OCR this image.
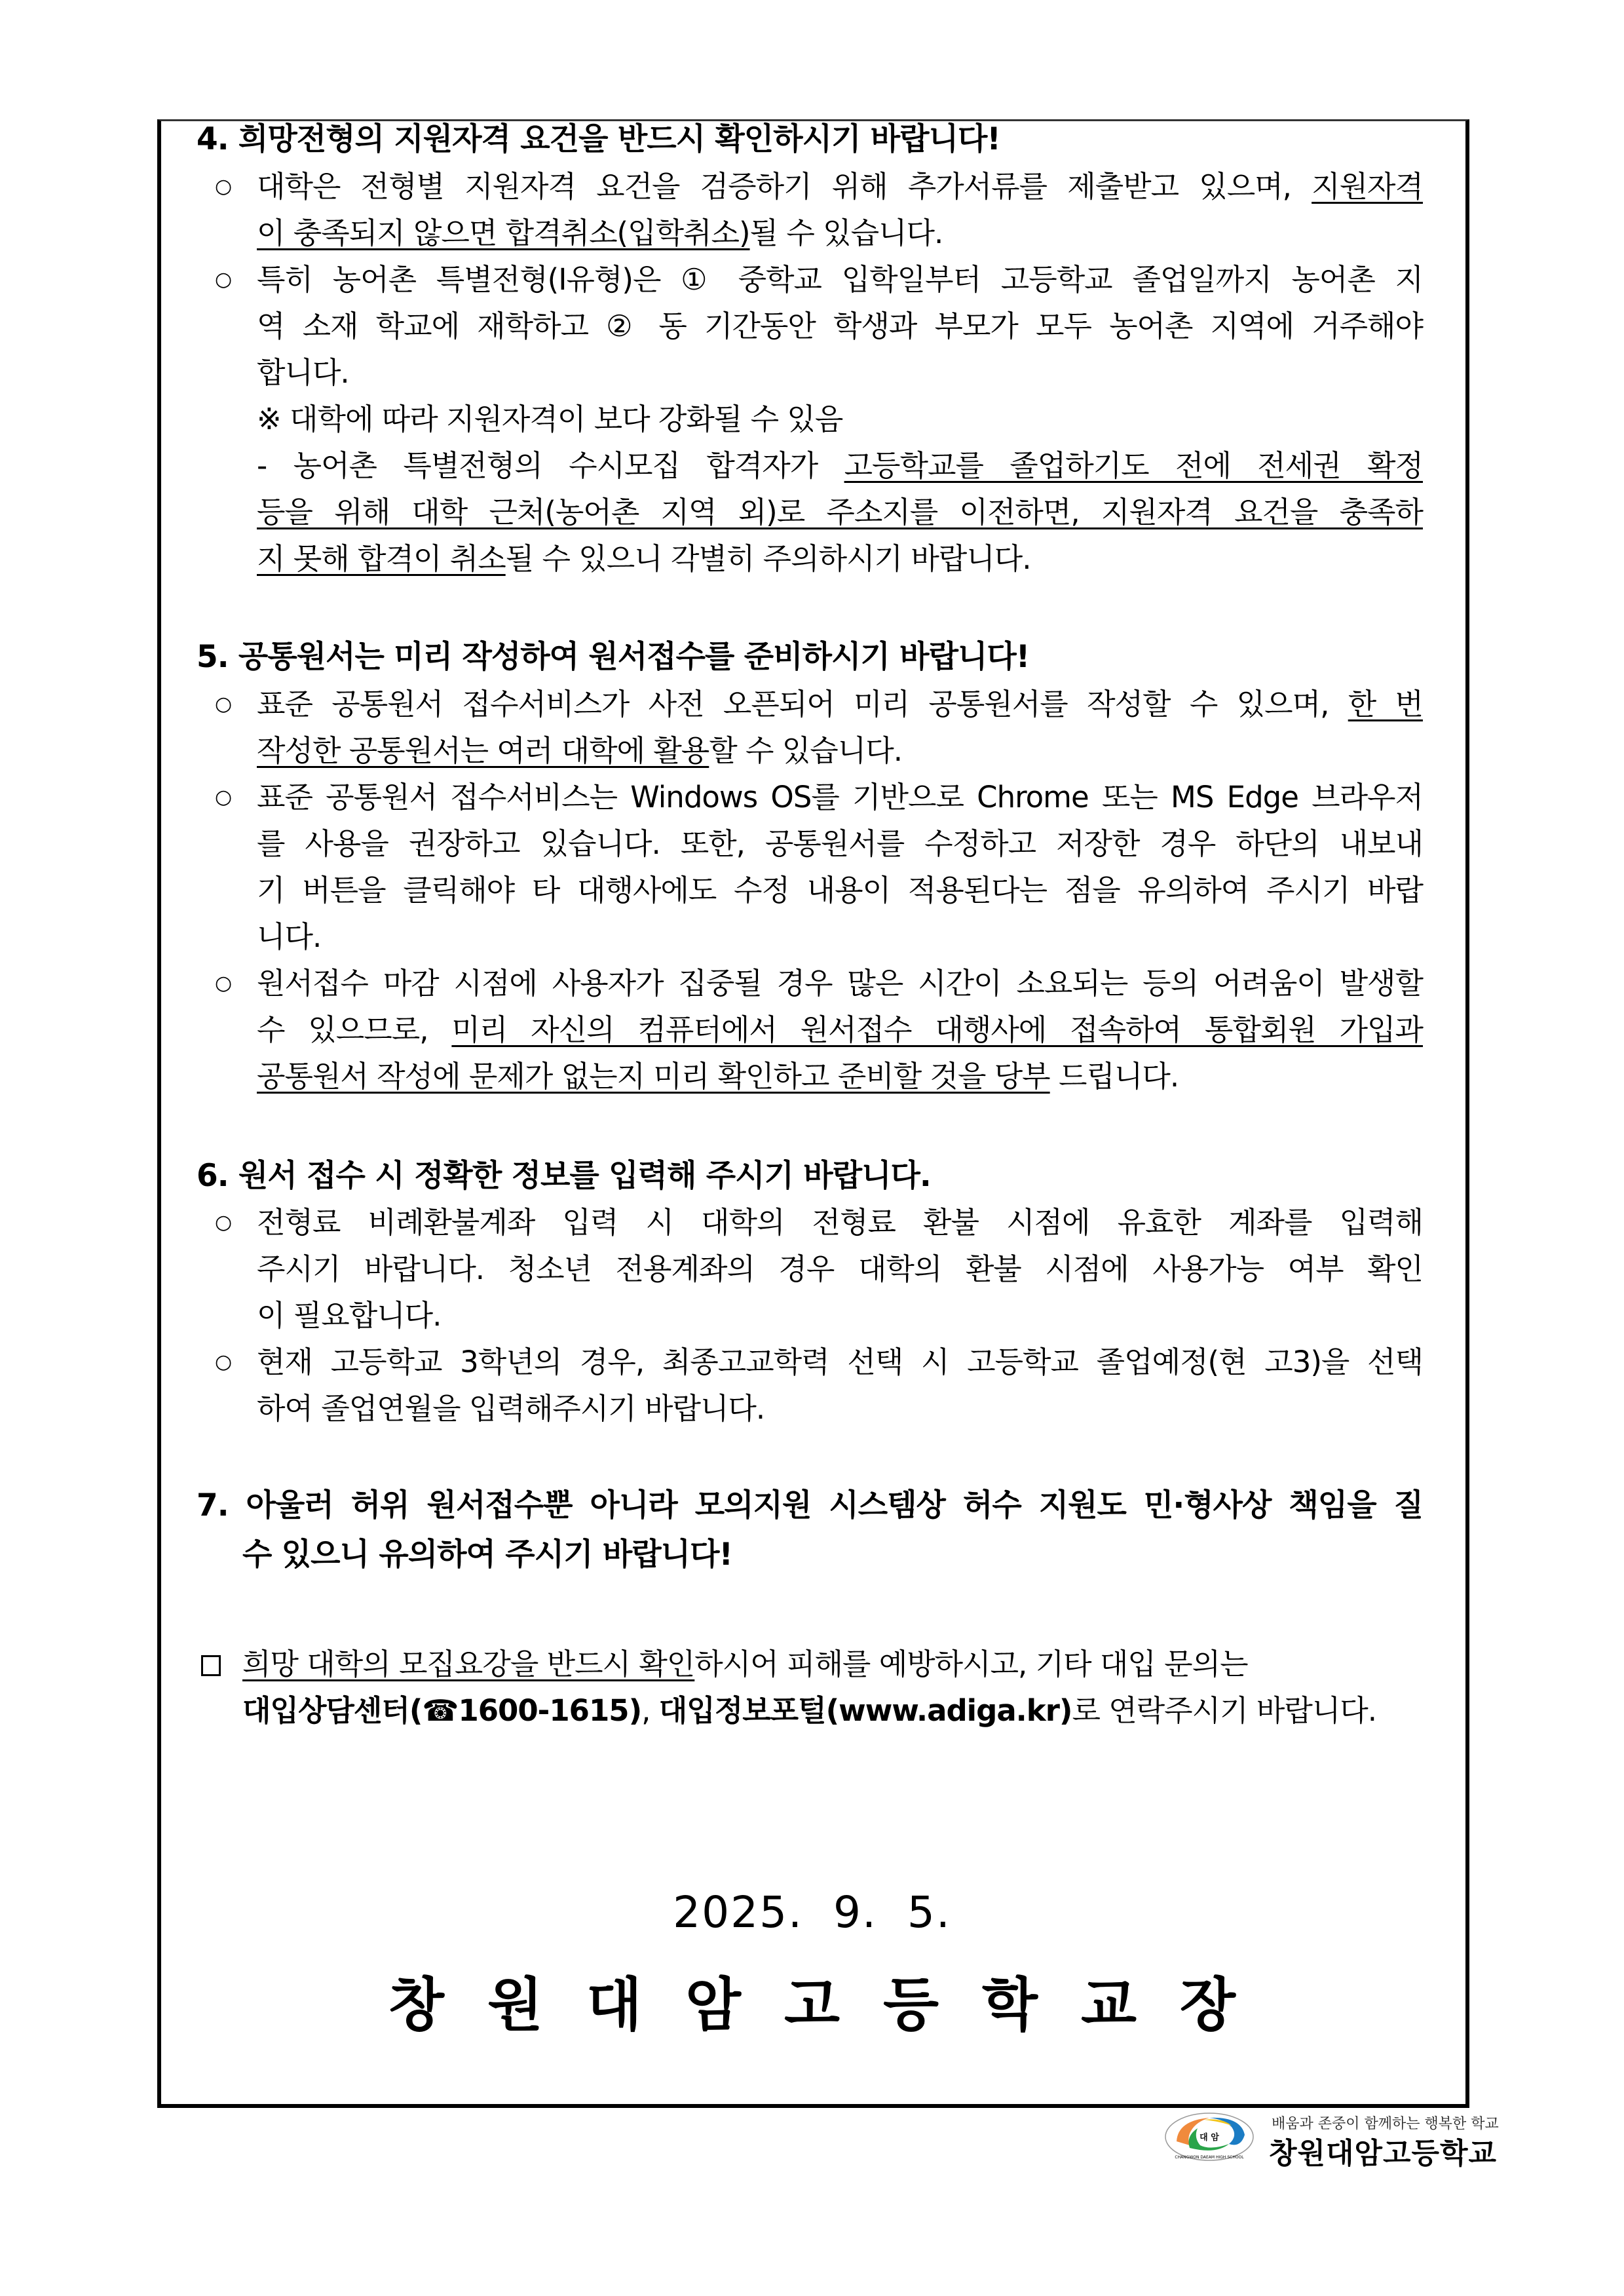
4. 희망전형의 지원자격 요건을 반드시 확인하시기 바랍니다!
○ 대학은 전형별 지원자격 요건을 검증하기 위해 추가서류를 제출받고 있으며, 지원자격
이 충족되지 않으면 합격취소(입학취소)될 수 있습니다.
○ 특히 농어촌 특별전형(I유형)은 ① 중학교 입학일부터 고등학교 졸업일까지 농어촌 지
역 소재 학교에 재학하고 ② 동 기간동안 학생과 부모가 모두 농어촌 지역에 거주해야
합니다.
※ 대학에 따라 지원자격이 보다 강화될 수 있음
- 농어촌 특별전형의 수시모집 합격자가 고등학교를 졸업하기도 전에 전세권 확정
등을 위해 대학 근처(농어촌 지역 외)로 주소지를 이전하면, 지원자격 요건을 충족하
지 못해 합격이 취소될 수 있으니 각별히 주의하시기 바랍니다.
5. 공통원서는 미리 작성하여 원서접수를 준비하시기 바랍니다!
○ 표준 공통원서 접수서비스가 사전 오픈되어 미리 공통원서를 작성할 수 있으며, 한 번
작성한 공통원서는 여러 대학에 활용할 수 있습니다.
○ 표준 공통원서 접수서비스는 Windows OS를 기반으로 Chrome 또는 MS Edge 브라우저
를 사용을 권장하고 있습니다. 또한, 공통원서를 수정하고 저장한 경우 하단의 내보내
기 버튼을 클릭해야 타 대행사에도 수정 내용이 적용된다는 점을 유의하여 주시기 바랍
니다.
○ 원서접수 마감 시점에 사용자가 집중될 경우 많은 시간이 소요되는 등의 어려움이 발생할
수 있으므로, 미리 자신의 컴퓨터에서 원서접수 대행사에 접속하여 통합회원 가입과
공통원서 작성에 문제가 없는지 미리 확인하고 준비할 것을 당부 드립니다.
6. 원서 접수 시 정확한 정보를 입력해 주시기 바랍니다.
○ 전형료 비례환불계좌 입력 시 대학의 전형료 환불 시점에 유효한 계좌를 입력해
주시기 바랍니다. 청소년 전용계좌의 경우 대학의 환불 시점에 사용가능 여부 확인
이 필요합니다.
○ 현재 고등학교 3학년의 경우, 최종고교학력 선택 시 고등학교 졸업예정(현 고3)을 선택
하여 졸업연월을 입력해주시기 바랍니다.
7. 아울러 허위 원서접수뿐 아니라 모의지원 시스템상 허수 지원도 민·형사상 책임을 질
수 있으니 유의하여 주시기 바랍니다!
희망 대학의 모집요강을 반드시 확인하시어 피해를 예방하시고, 기타 대입 문의는
대입상담센터(☎1600-1615), 대입정보포털(www.adiga.kr)로 연락주시기 바랍니다.
2025.  9.  5.
창원대암고등학교장
대 암
CHANGWON DAEAM HIGH SCHOOL
배움과 존중이 함께하는 행복한 학교
창원대암고등학교
